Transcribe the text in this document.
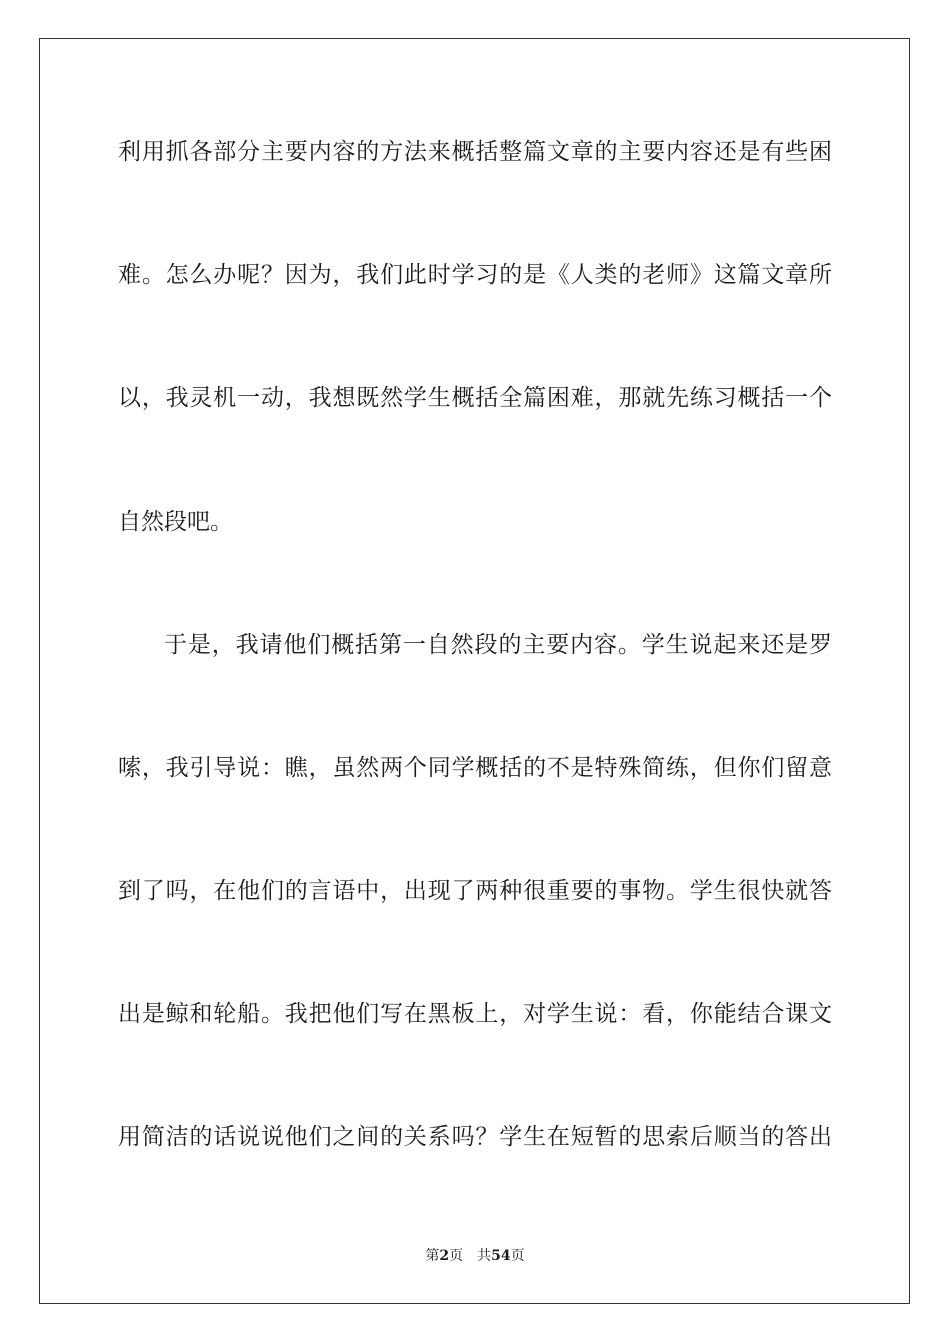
利用抓各部分主要内容的方法来概括整篇文章的主要内容还是有些困
难。怎么办呢？因为，我们此时学习的是《人类的老师》这篇文章所
以，我灵机一动，我想既然学生概括全篇困难，那就先练习概括一个
自然段吧。
于是，我请他们概括第一自然段的主要内容。学生说起来还是罗
嗦，我引导说：瞧，虽然两个同学概括的不是特殊简练，但你们留意
到了吗，在他们的言语中，出现了两种很重要的事物。学生很快就答
出是鲸和轮船。我把他们写在黑板上，对学生说：看，你能结合课文
用简洁的话说说他们之间的关系吗？学生在短暂的思索后顺当的答出
第2页 共54页
